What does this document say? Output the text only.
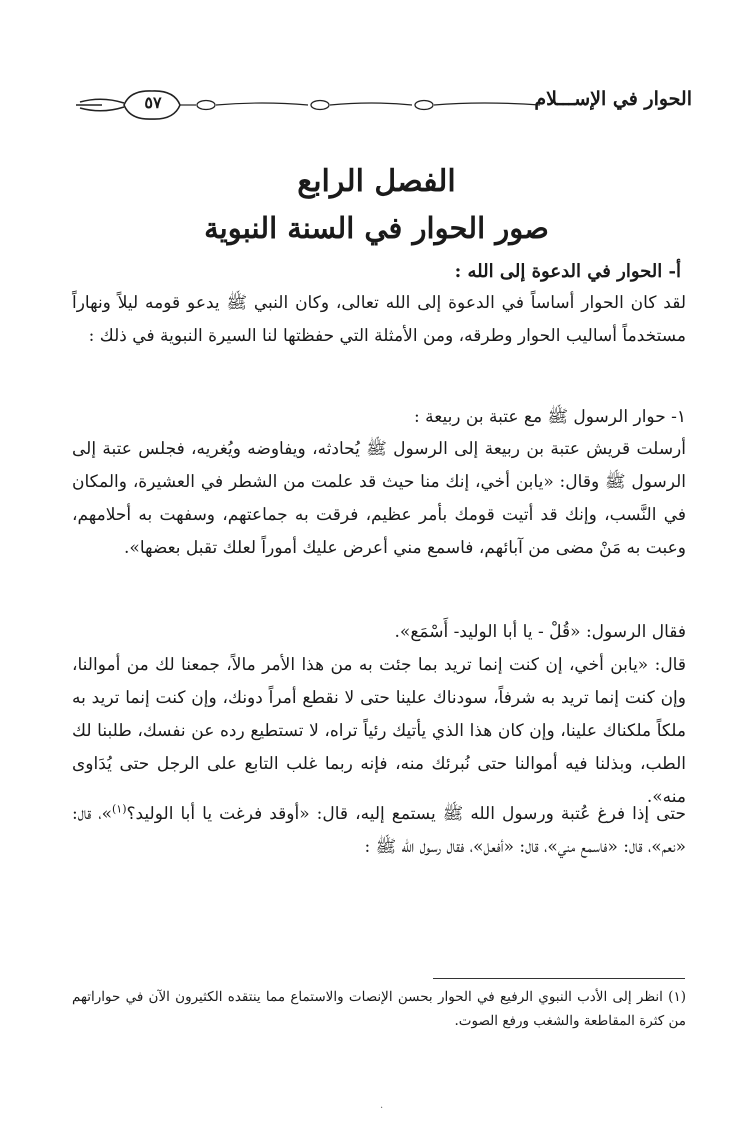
الحوار في الإســـلام
٥٧
الفصل الرابع
صور الحوار في السنة النبوية
أ- الحوار في الدعوة إلى الله :
لقد كان الحوار أساساً في الدعوة إلى الله تعالى، وكان النبي ﷺ يدعو قومه ليلاً ونهاراً مستخدماً أساليب الحوار وطرقه، ومن الأمثلة التي حفظتها لنا السيرة النبوية في ذلك :
١- حوار الرسول ﷺ مع عتبة بن ربيعة :
أرسلت قريش عتبة بن ربيعة إلى الرسول ﷺ يُحادثه، ويفاوضه ويُغريه، فجلس عتبة إلى الرسول ﷺ وقال: «يابن أخي، إنك منا حيث قد علمت من الشطر في العشيرة، والمكان في النَّسب، وإنك قد أتيت قومك بأمر عظيم، فرقت به جماعتهم، وسفهت به أحلامهم، وعبت به مَنْ مضى من آبائهم، فاسمع مني أعرض عليك أموراً لعلك تقبل بعضها».
فقال الرسول: «قُلْ - يا أبا الوليد- أَسْمَع».
قال: «يابن أخي، إن كنت إنما تريد بما جئت به من هذا الأمر مالاً، جمعنا لك من أموالنا، وإن كنت إنما تريد به شرفاً، سودناك علينا حتى لا نقطع أمراً دونك، وإن كنت إنما تريد به ملكاً ملكناك علينا، وإن كان هذا الذي يأتيك رئياً تراه، لا تستطيع رده عن نفسك، طلبنا لك الطب، وبذلنا فيه أموالنا حتى نُبرئك منه، فإنه ربما غلب التابع على الرجل حتى يُدَاوى منه».
حتى إذا فرغ عُتبة ورسول الله ﷺ يستمع إليه، قال: «أوقد فرغت يا أبا الوليد؟$^{(١)}$»، قال: «نعم»، قال: «فاسمع مني»، قال: «أفعل»، فقال رسول الله ﷺ :
(١) انظر إلى الأدب النبوي الرفيع في الحوار بحسن الإنصات والاستماع مما ينتقده الكثيرون الآن في حواراتهم من كثرة المقاطعة والشغب ورفع الصوت.
.
